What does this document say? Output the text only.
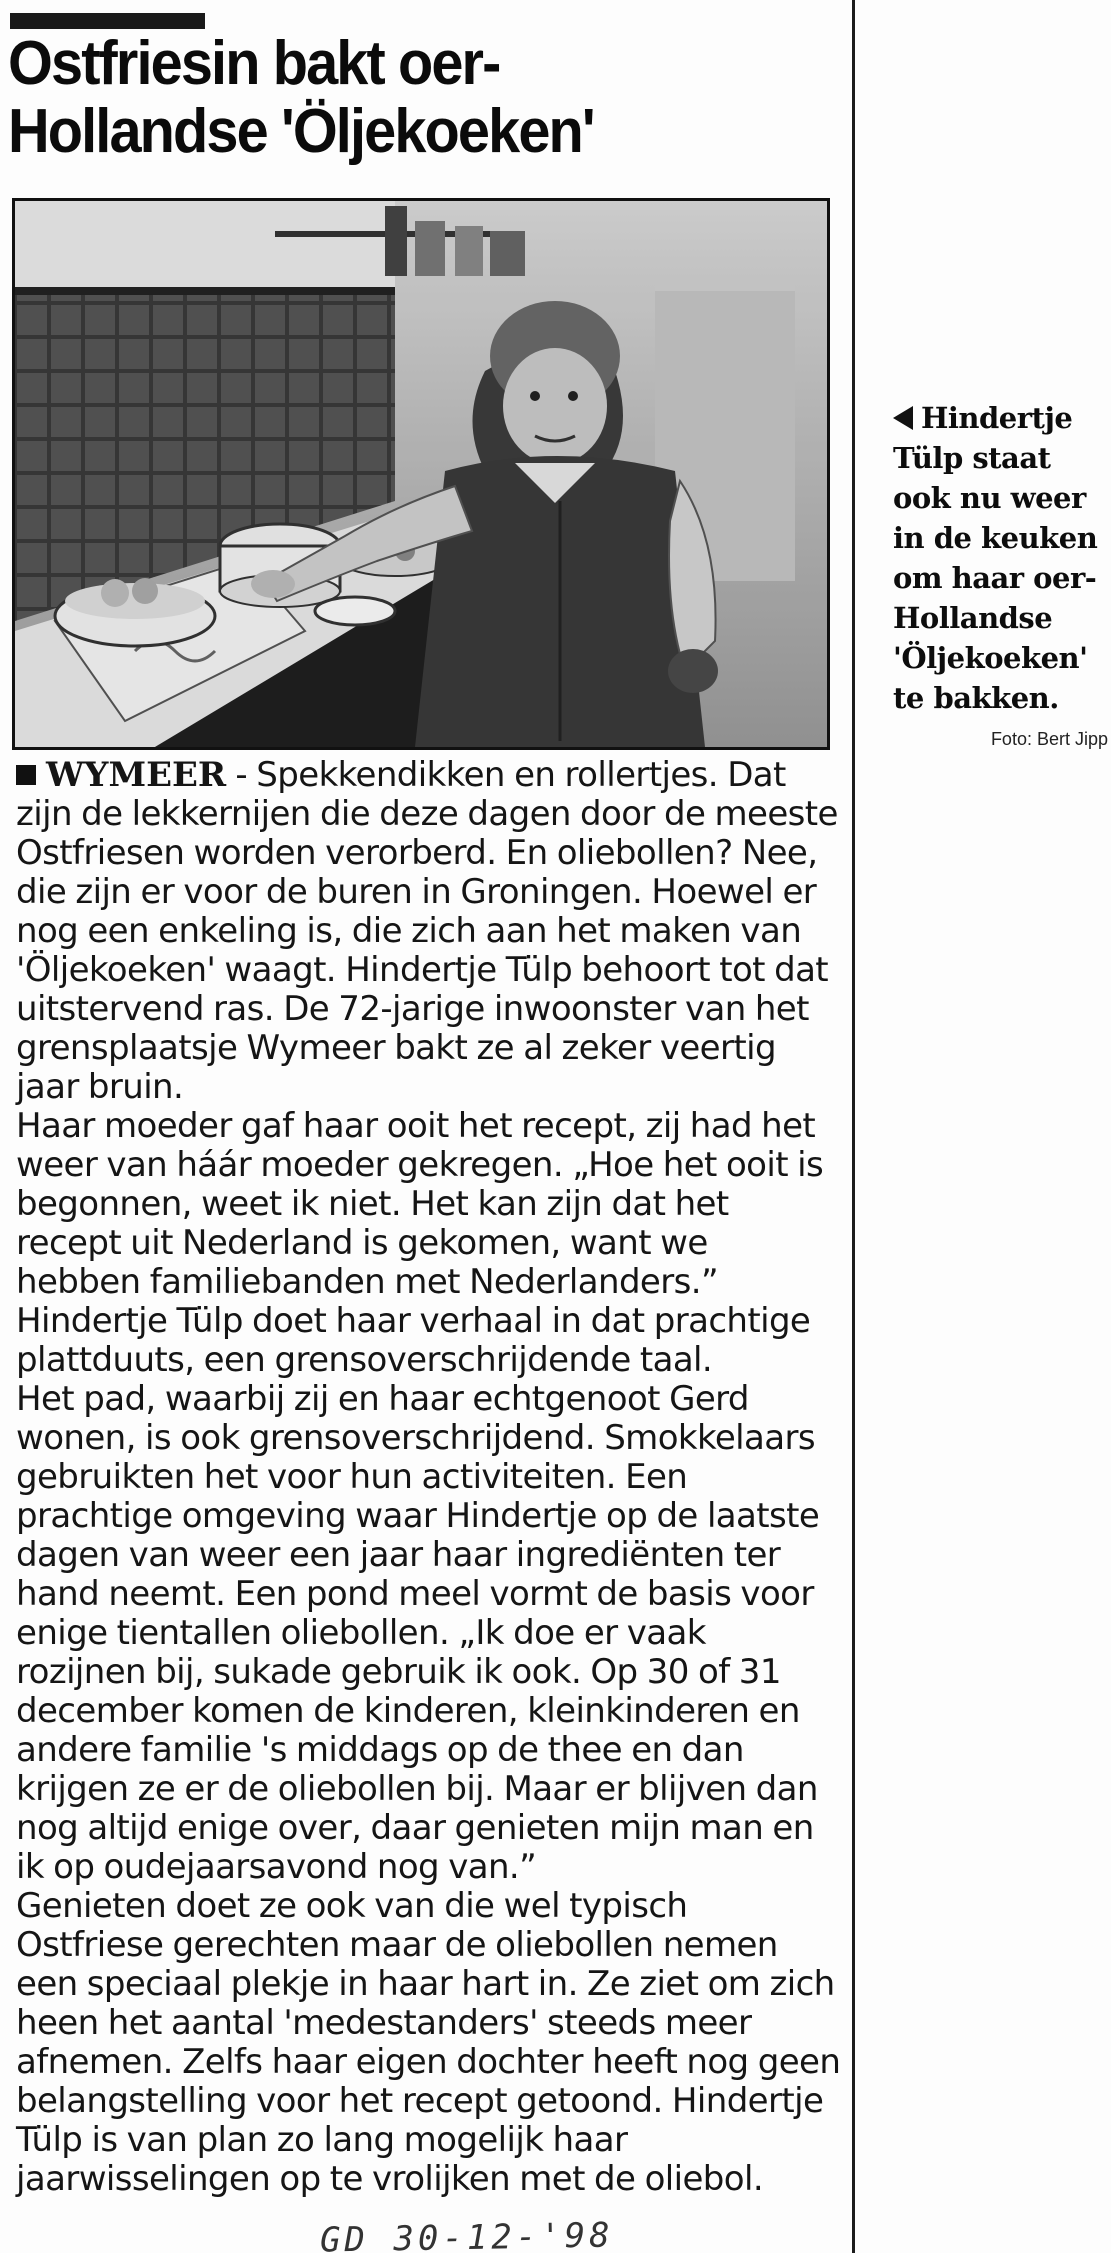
Ostfriesin bakt oer-
Hollandse 'Öljekoeken'
Hindertje
Tülp staat
ook nu weer
in de keuken
om haar oer-
Hollandse
'Öljekoeken'
te bakken.
Foto: Bert Jipp

WYMEER - Spekkendikken en rollertjes. Dat zijn de lekkernijen die deze dagen door de meeste Ostfriesen worden verorberd. En oliebollen? Nee, die zijn er voor de buren in Groningen. Hoewel er nog een enkeling is, die zich aan het maken van 'Öljekoeken' waagt. Hindertje Tülp behoort tot dat uitstervend ras. De 72-jarige inwoonster van het grensplaatsje Wymeer bakt ze al zeker veertig jaar bruin.

Haar moeder gaf haar ooit het recept, zij had het weer van háár moeder gekregen. „Hoe het ooit is begonnen, weet ik niet. Het kan zijn dat het recept uit Nederland is gekomen, want we hebben familiebanden met Nederlanders.” Hindertje Tülp doet haar verhaal in dat prachtige plattduuts, een grensoverschrijdende taal.

Het pad, waarbij zij en haar echtgenoot Gerd wonen, is ook grensoverschrijdend. Smokkelaars gebruikten het voor hun activiteiten. Een prachtige omgeving waar Hindertje op de laatste dagen van weer een jaar haar ingrediënten ter hand neemt. Een pond meel vormt de basis voor enige tientallen oliebollen. „Ik doe er vaak rozijnen bij, sukade gebruik ik ook. Op 30 of 31 december komen de kinderen, kleinkinderen en andere familie 's middags op de thee en dan krijgen ze er de oliebollen bij. Maar er blijven dan nog altijd enige over, daar genieten mijn man en ik op oudejaarsavond nog van.”

Genieten doet ze ook van die wel typisch Ostfriese gerechten maar de oliebollen nemen een speciaal plekje in haar hart in. Ze ziet om zich heen het aantal 'medestanders' steeds meer afnemen. Zelfs haar eigen dochter heeft nog geen belangstelling voor het recept getoond. Hindertje Tülp is van plan zo lang mogelijk haar jaarwisselingen op te vrolijken met de oliebol.

GD 30-12-'98
